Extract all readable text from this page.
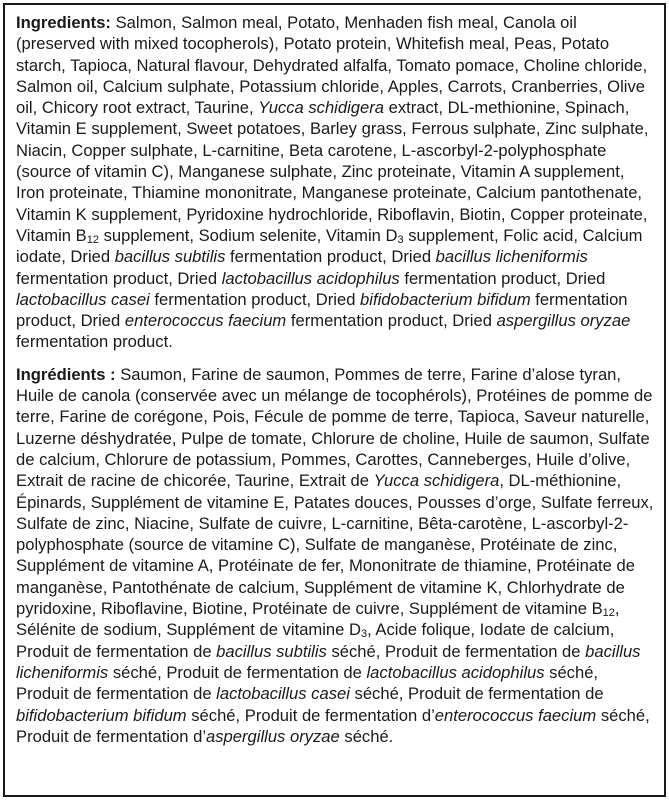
Ingredients: Salmon, Salmon meal, Potato, Menhaden fish meal, Canola oil (preserved with mixed tocopherols), Potato protein, Whitefish meal, Peas, Potato starch, Tapioca, Natural flavour, Dehydrated alfalfa, Tomato pomace, Choline chloride, Salmon oil, Calcium sulphate, Potassium chloride, Apples, Carrots, Cranberries, Olive oil, Chicory root extract, Taurine, Yucca schidigera extract, DL-methionine, Spinach, Vitamin E supplement, Sweet potatoes, Barley grass, Ferrous sulphate, Zinc sulphate, Niacin, Copper sulphate, L-carnitine, Beta carotene, L-ascorbyl-2-polyphosphate (source of vitamin C), Manganese sulphate, Zinc proteinate, Vitamin A supplement, Iron proteinate, Thiamine mononitrate, Manganese proteinate, Calcium pantothenate, Vitamin K supplement, Pyridoxine hydrochloride, Riboflavin, Biotin, Copper proteinate, Vitamin $B_{12}$ supplement, Sodium selenite, Vitamin $D_3$ supplement, Folic acid, Calcium iodate, Dried bacillus subtilis fermentation product, Dried bacillus licheniformis fermentation product, Dried lactobacillus acidophilus fermentation product, Dried lactobacillus casei fermentation product, Dried bifidobacterium bifidum fermentation product, Dried enterococcus faecium fermentation product, Dried aspergillus oryzae fermentation product.

Ingrédients : Saumon, Farine de saumon, Pommes de terre, Farine d’alose tyran, Huile de canola (conservée avec un mélange de tocophérols), Protéines de pomme de terre, Farine de corégone, Pois, Fécule de pomme de terre, Tapioca, Saveur naturelle, Luzerne déshydratée, Pulpe de tomate, Chlorure de choline, Huile de saumon, Sulfate de calcium, Chlorure de potassium, Pommes, Carottes, Canneberges, Huile d’olive, Extrait de racine de chicorée, Taurine, Extrait de Yucca schidigera, DL-méthionine, Épinards, Supplément de vitamine E, Patates douces, Pousses d’orge, Sulfate ferreux, Sulfate de zinc, Niacine, Sulfate de cuivre, L-carnitine, Bêta-carotène, L-ascorbyl-2-polyphosphate (source de vitamine C), Sulfate de manganèse, Protéinate de zinc, Supplément de vitamine A, Protéinate de fer, Mononitrate de thiamine, Protéinate de manganèse, Pantothénate de calcium, Supplément de vitamine K, Chlorhydrate de pyridoxine, Riboflavine, Biotine, Protéinate de cuivre, Supplément de vitamine $B_{12}$, Sélénite de sodium, Supplément de vitamine $D_3$, Acide folique, Iodate de calcium, Produit de fermentation de bacillus subtilis séché, Produit de fermentation de bacillus licheniformis séché, Produit de fermentation de lactobacillus acidophilus séché, Produit de fermentation de lactobacillus casei séché, Produit de fermentation de bifidobacterium bifidum séché, Produit de fermentation d’enterococcus faecium séché, Produit de fermentation d’aspergillus oryzae séché.
